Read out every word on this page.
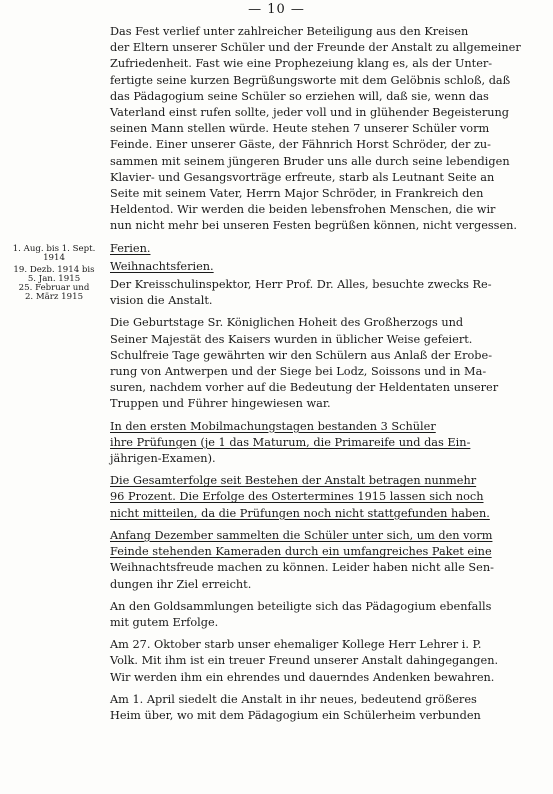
— 10 —
1. Aug. bis 1. Sept.
1914
19. Dezb. 1914 bis
5. Jan. 1915
25. Februar und
2. März 1915
Das Fest verlief unter zahlreicher Beteiligung aus den Kreisen
der Eltern unserer Schüler und der Freunde der Anstalt zu allgemeiner
Zufriedenheit. Fast wie eine Prophezeiung klang es, als der Unter-
fertigte seine kurzen Begrüßungsworte mit dem Gelöbnis schloß, daß
das Pädagogium seine Schüler so erziehen will, daß sie, wenn das
Vaterland einst rufen sollte, jeder voll und in glühender Begeisterung
seinen Mann stellen würde. Heute stehen 7 unserer Schüler vorm
Feinde. Einer unserer Gäste, der Fähnrich Horst Schröder, der zu-
sammen mit seinem jüngeren Bruder uns alle durch seine lebendigen
Klavier- und Gesangsvorträge erfreute, starb als Leutnant Seite an
Seite mit seinem Vater, Herrn Major Schröder, in Frankreich den
Heldentod. Wir werden die beiden lebensfrohen Menschen, die wir
nun nicht mehr bei unseren Festen begrüßen können, nicht vergessen.
Ferien.
Weihnachtsferien.
Der Kreisschulinspektor, Herr Prof. Dr. Alles, besuchte zwecks Re-
vision die Anstalt.
Die Geburtstage Sr. Königlichen Hoheit des Großherzogs und
Seiner Majestät des Kaisers wurden in üblicher Weise gefeiert.
Schulfreie Tage gewährten wir den Schülern aus Anlaß der Erobe-
rung von Antwerpen und der Siege bei Lodz, Soissons und in Ma-
suren, nachdem vorher auf die Bedeutung der Heldentaten unserer
Truppen und Führer hingewiesen war.
In den ersten Mobilmachungstagen bestanden 3 Schüler
ihre Prüfungen (je 1 das Maturum, die Primareife und das Ein-
jährigen-Examen).
Die Gesamterfolge seit Bestehen der Anstalt betragen nunmehr
96 Prozent. Die Erfolge des Ostertermines 1915 lassen sich noch
nicht mitteilen, da die Prüfungen noch nicht stattgefunden haben.
Anfang Dezember sammelten die Schüler unter sich, um den vorm
Feinde stehenden Kameraden durch ein umfangreiches Paket eine
Weihnachtsfreude machen zu können. Leider haben nicht alle Sen-
dungen ihr Ziel erreicht.
An den Goldsammlungen beteiligte sich das Pädagogium ebenfalls
mit gutem Erfolge.
Am 27. Oktober starb unser ehemaliger Kollege Herr Lehrer i. P.
Volk. Mit ihm ist ein treuer Freund unserer Anstalt dahingegangen.
Wir werden ihm ein ehrendes und dauerndes Andenken bewahren.
Am 1. April siedelt die Anstalt in ihr neues, bedeutend größeres
Heim über, wo mit dem Pädagogium ein Schülerheim verbunden
